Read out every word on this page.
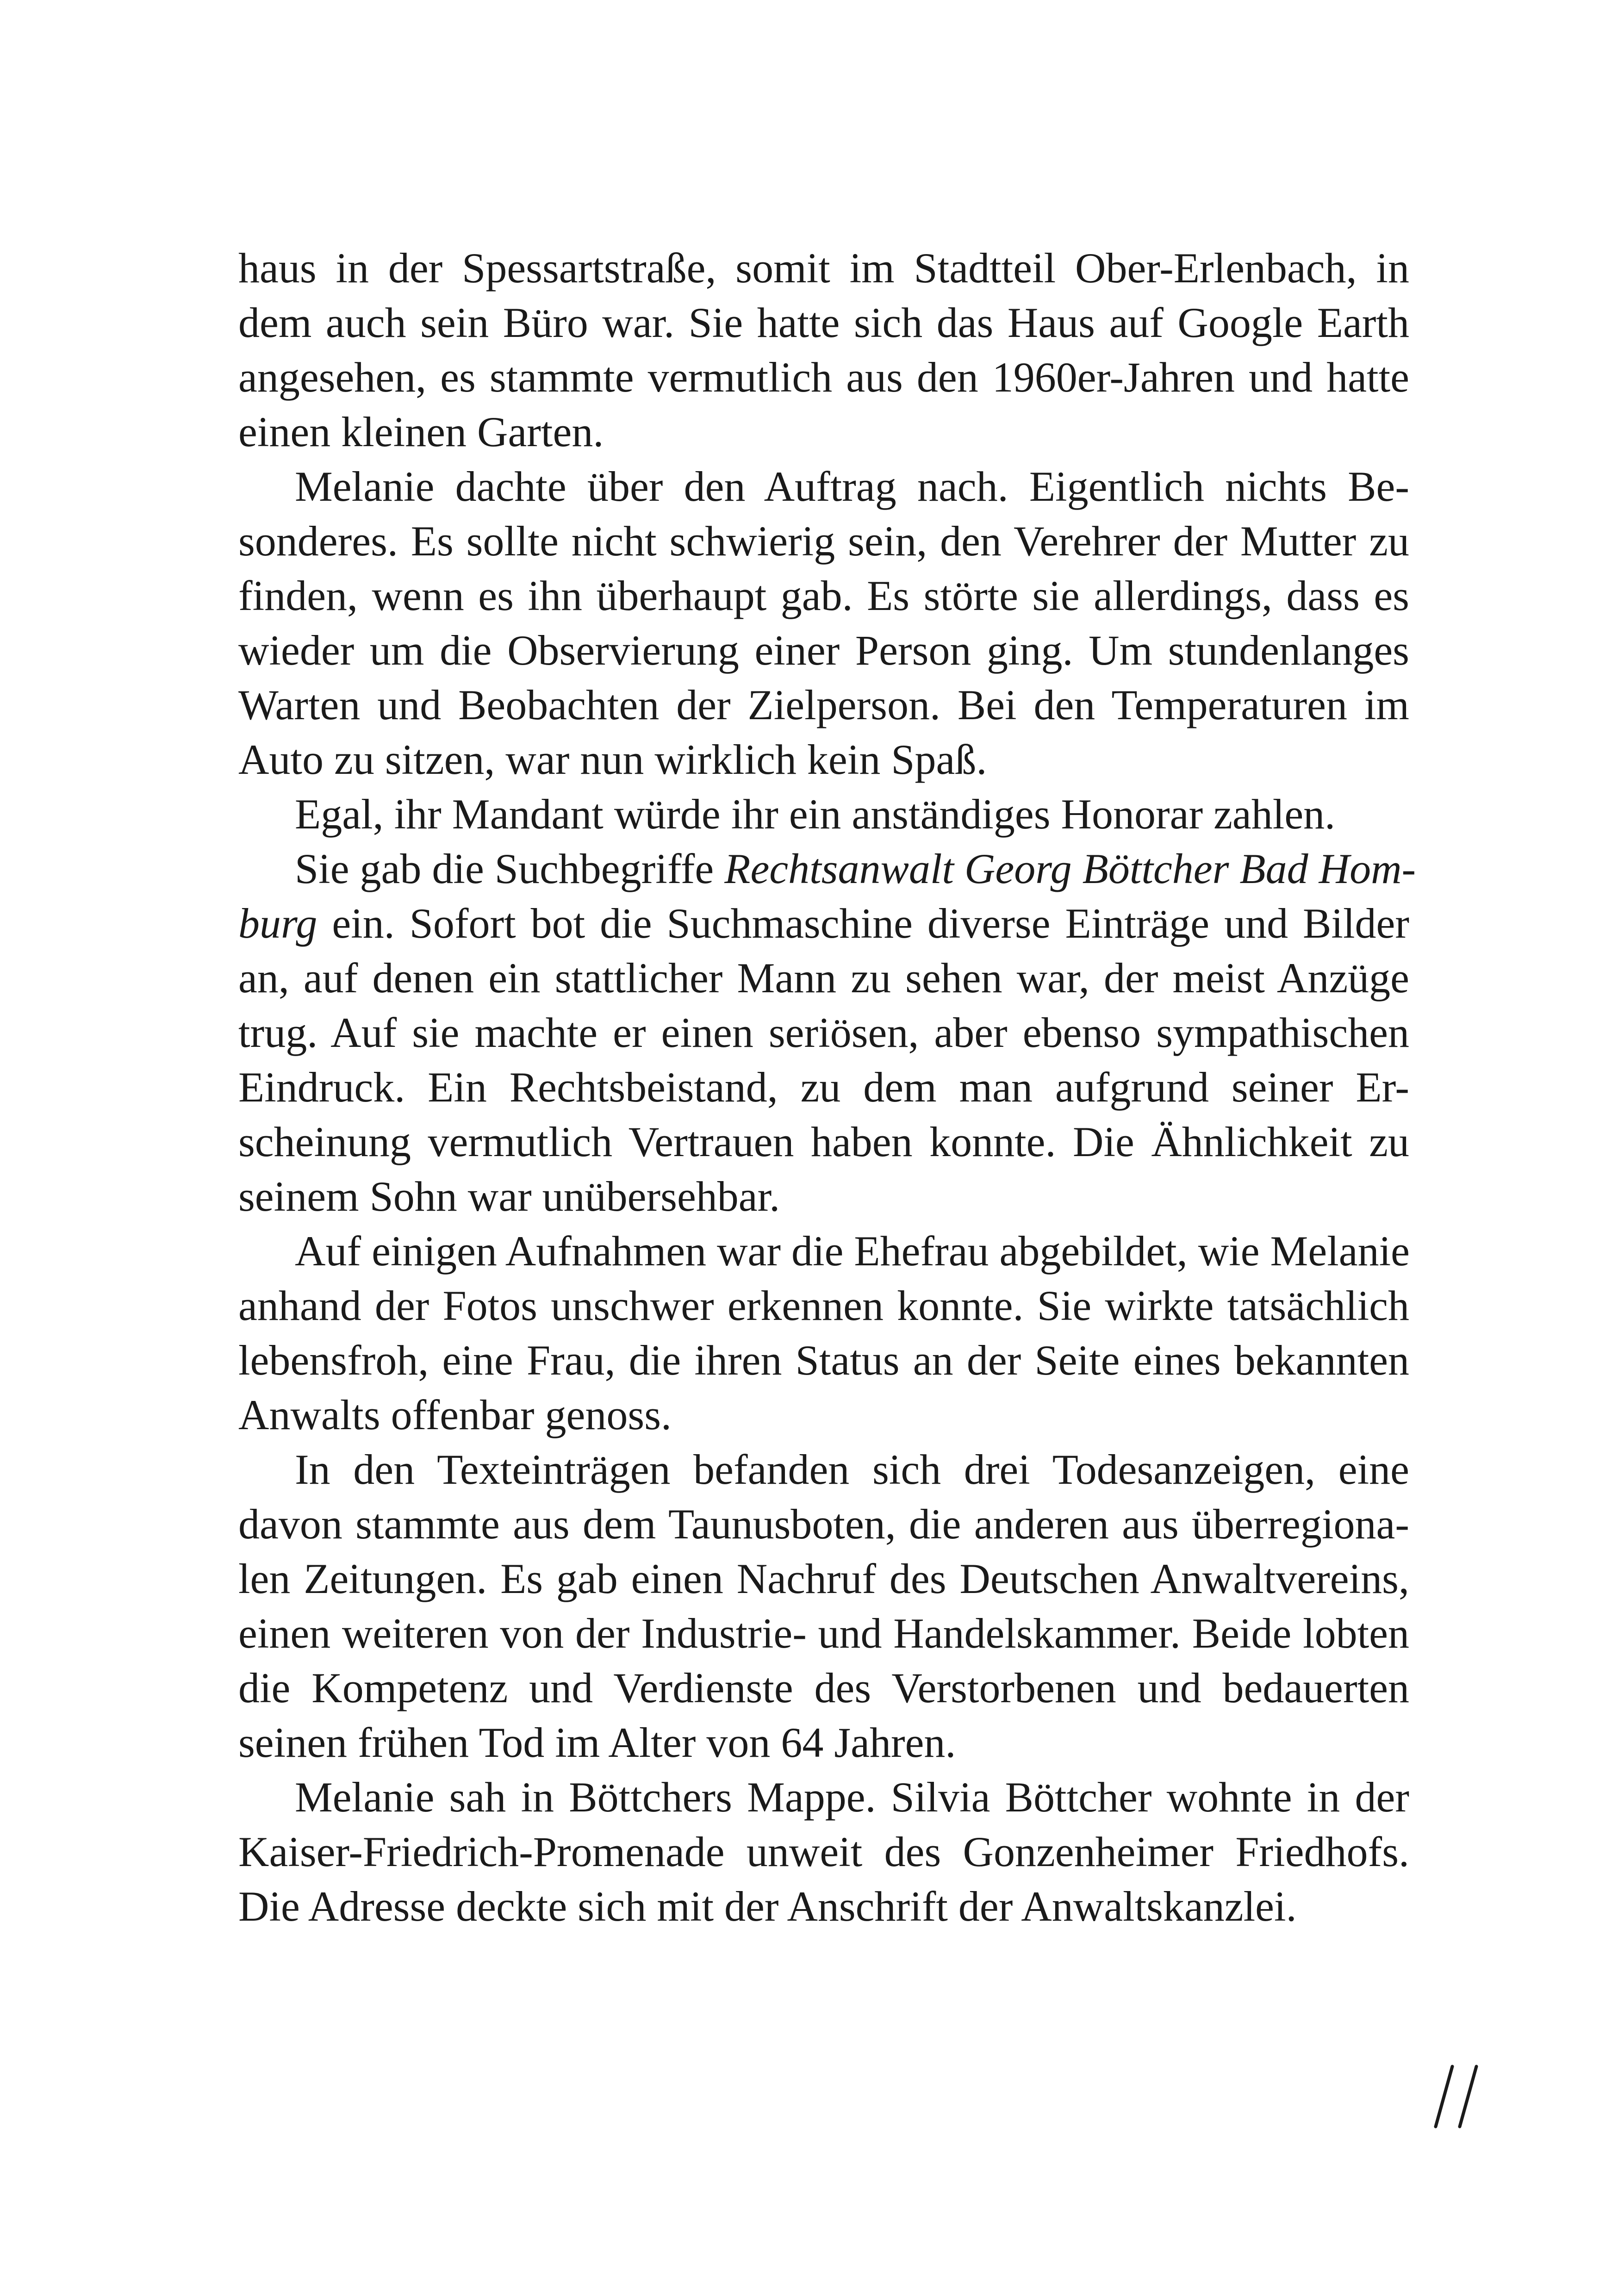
haus in der Spessartstraße, somit im Stadtteil Ober-Erlenbach, in
dem auch sein Büro war. Sie hatte sich das Haus auf Google Earth
angesehen, es stammte vermutlich aus den 1960er-Jahren und hatte
einen kleinen Garten.
Melanie dachte über den Auftrag nach. Eigentlich nichts Be-
sonderes. Es sollte nicht schwierig sein, den Verehrer der Mutter zu
finden, wenn es ihn überhaupt gab. Es störte sie allerdings, dass es
wieder um die Observierung einer Person ging. Um stundenlanges
Warten und Beobachten der Zielperson. Bei den Temperaturen im
Auto zu sitzen, war nun wirklich kein Spaß.
Egal, ihr Mandant würde ihr ein anständiges Honorar zahlen.
Sie gab die Suchbegriffe Rechtsanwalt Georg Böttcher Bad Hom-
burg ein. Sofort bot die Suchmaschine diverse Einträge und Bilder
an, auf denen ein stattlicher Mann zu sehen war, der meist Anzüge
trug. Auf sie machte er einen seriösen, aber ebenso sympathischen
Eindruck. Ein Rechtsbeistand, zu dem man aufgrund seiner Er-
scheinung vermutlich Vertrauen haben konnte. Die Ähnlichkeit zu
seinem Sohn war unübersehbar.
Auf einigen Aufnahmen war die Ehefrau abgebildet, wie Melanie
anhand der Fotos unschwer erkennen konnte. Sie wirkte tatsächlich
lebensfroh, eine Frau, die ihren Status an der Seite eines bekannten
Anwalts offenbar genoss.
In den Texteinträgen befanden sich drei Todesanzeigen, eine
davon stammte aus dem Taunusboten, die anderen aus überregiona-
len Zeitungen. Es gab einen Nachruf des Deutschen Anwaltvereins,
einen weiteren von der Industrie- und Handelskammer. Beide lobten
die Kompetenz und Verdienste des Verstorbenen und bedauerten
seinen frühen Tod im Alter von 64 Jahren.
Melanie sah in Böttchers Mappe. Silvia Böttcher wohnte in der
Kaiser-Friedrich-Promenade unweit des Gonzenheimer Friedhofs.
Die Adresse deckte sich mit der Anschrift der Anwaltskanzlei.
